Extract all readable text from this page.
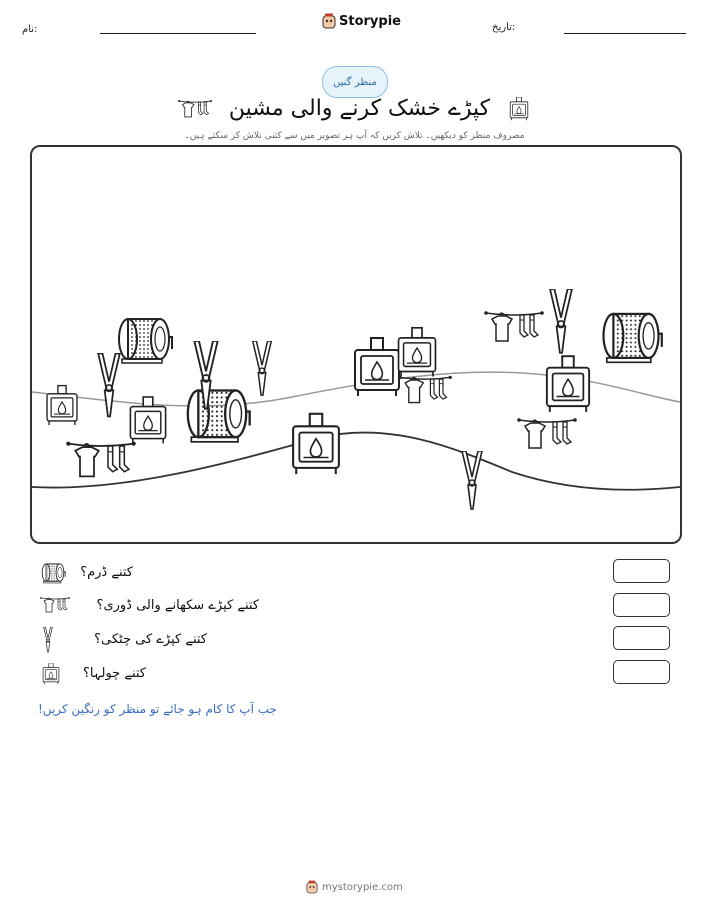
نام:
Storypie	تاریخ:
منظر گنیں
کپڑے خشک کرنے والی مشین
مصروف منظر کو دیکھیں۔ تلاش کریں کہ آپ ہر تصویر میں سے کتنی تلاش کر سکتے ہیں۔
کتنے ڈرم؟
کتنے کپڑے سکھانے والی ڈوری؟
کتنے کپڑے کی چٹکی؟
کتنے چولہا؟
جب آپ کا کام ہو جائے تو منظر کو رنگین کریں!
mystorypie.com
